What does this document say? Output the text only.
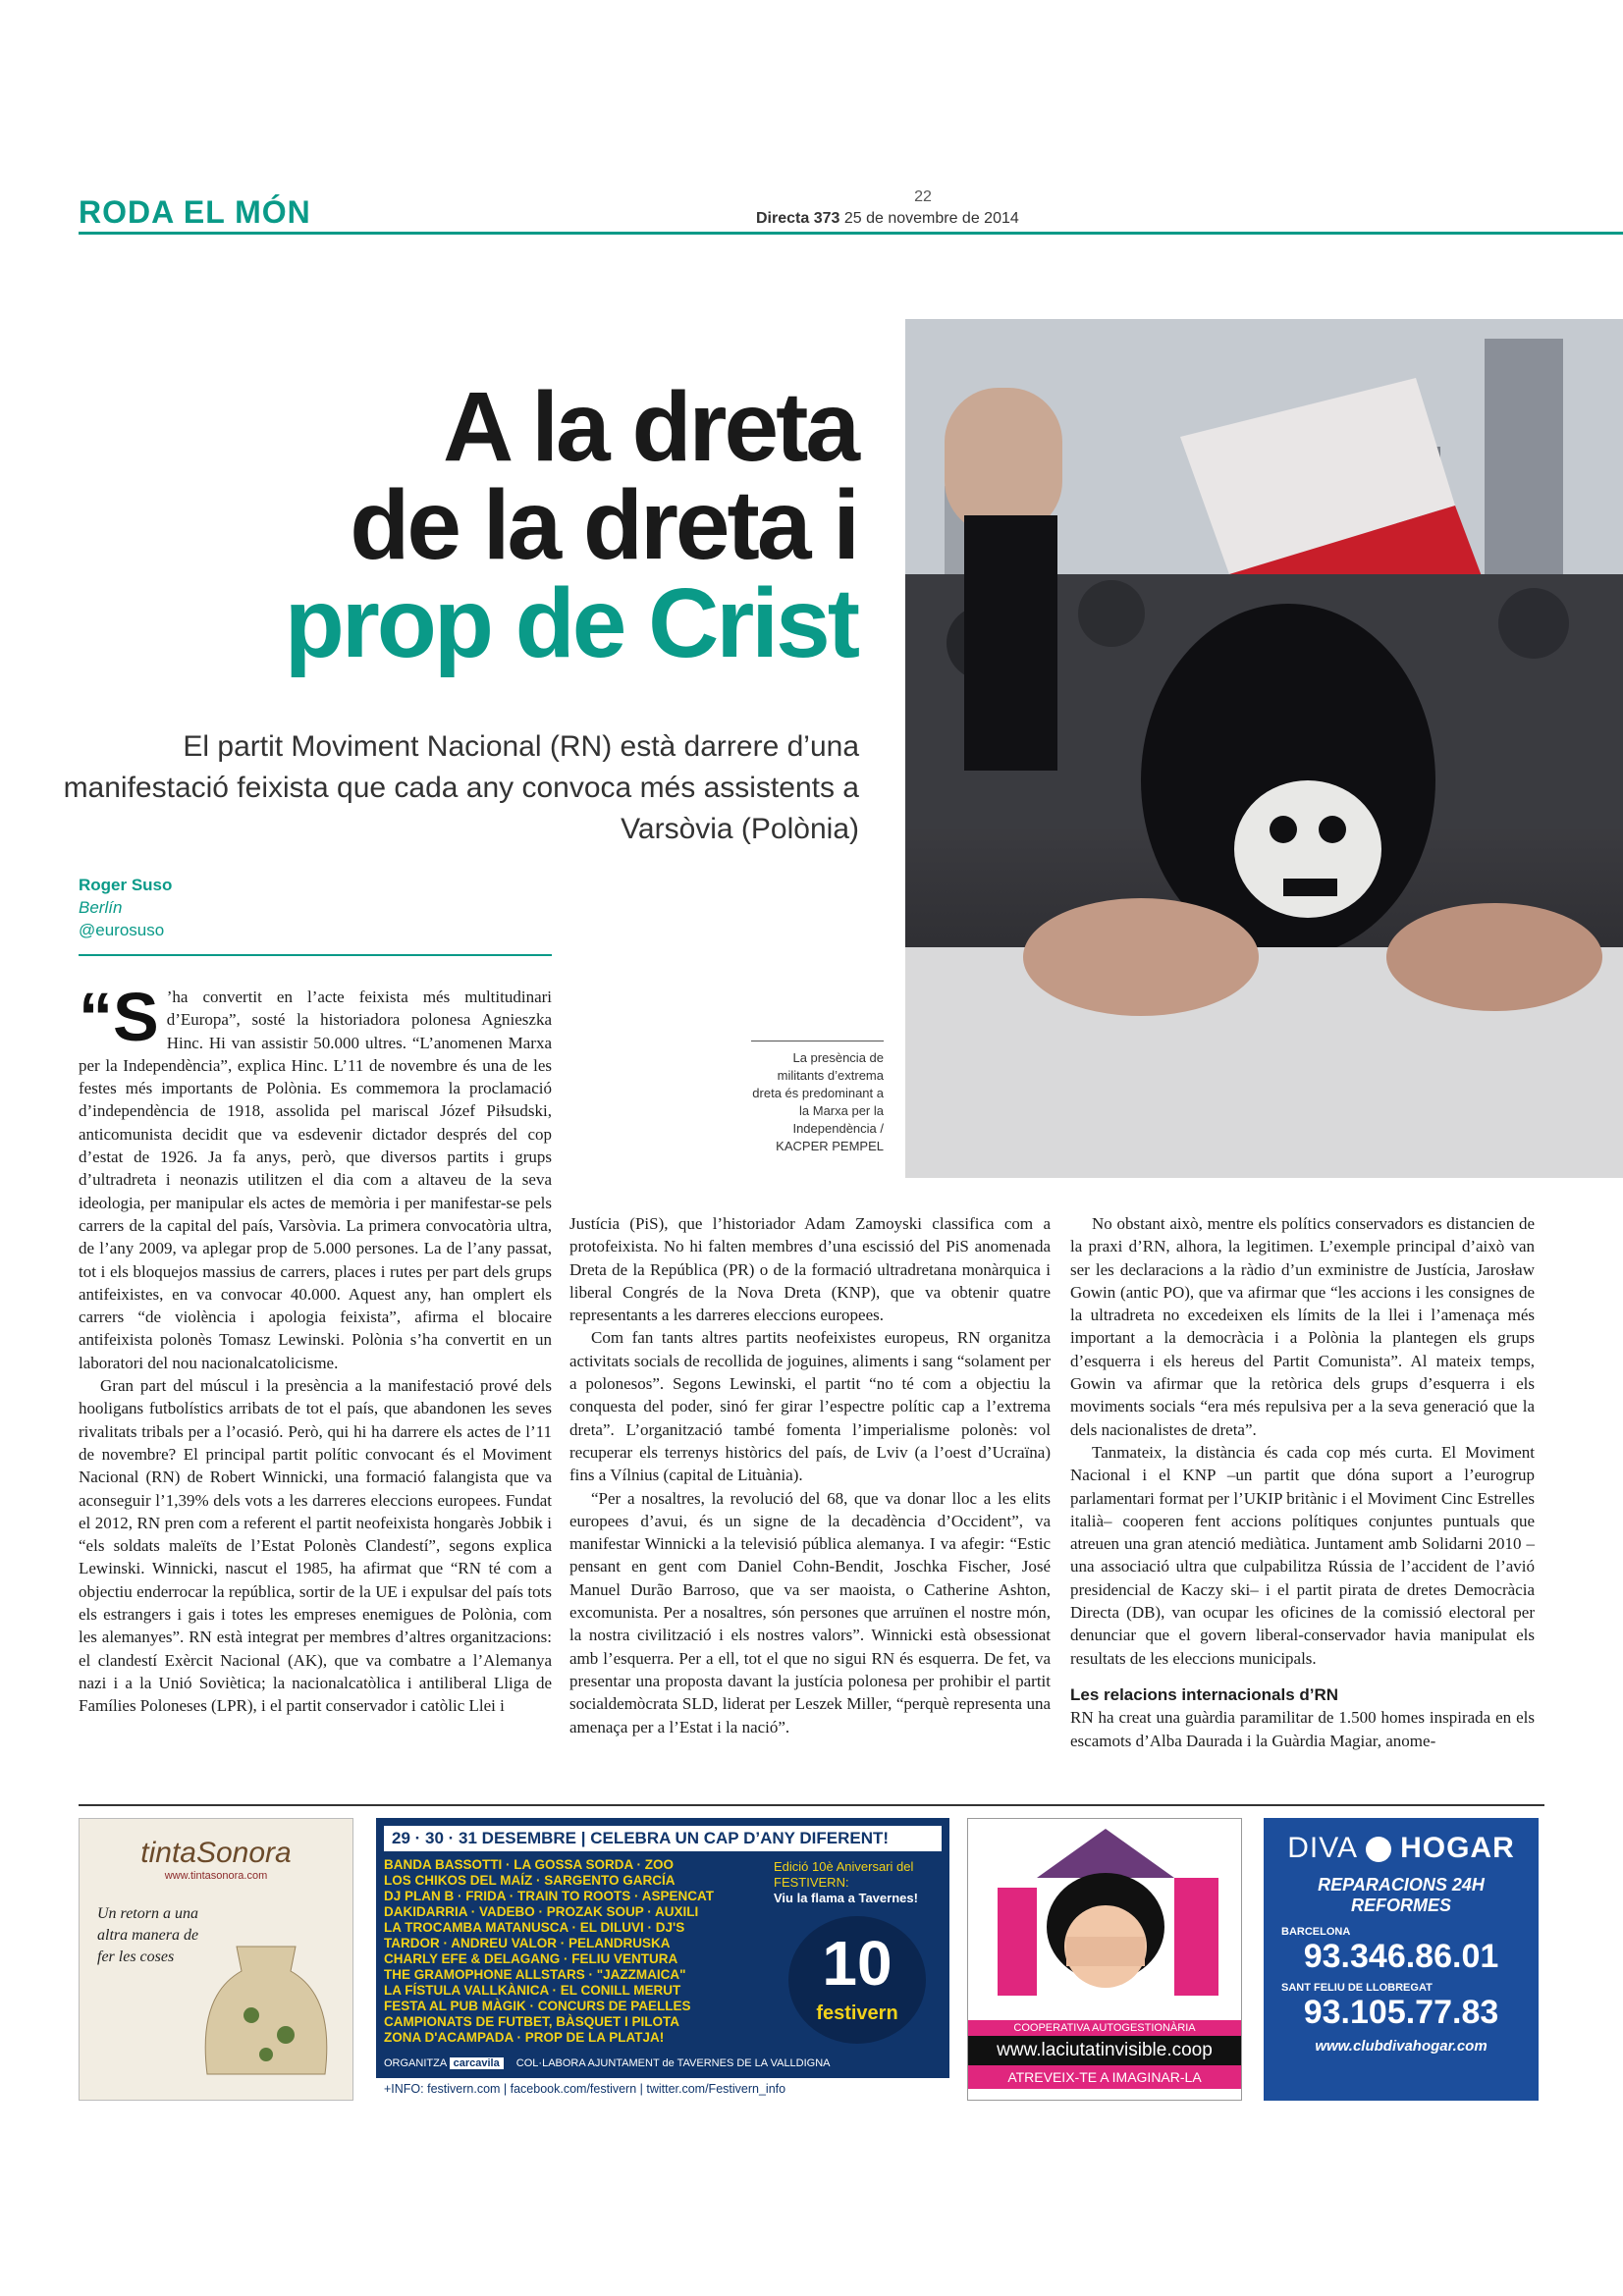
RODA EL MÓN	22
Directa 373 25 de novembre de 2014
A la dreta
de la dreta i
prop de Crist
El partit Moviment Nacional (RN) està darrere d’una manifestació feixista que cada any convoca més assistents a Varsòvia (Polònia)
La presència de militants d’extrema dreta és predominant a la Marxa per la Independència / KACPER PEMPEL
Roger Suso
Berlín
@eurosuso
“S ’ha convertit en l’acte feixista més multitudinari d’Europa”, sosté la historiadora polonesa Agnieszka Hinc. Hi van assistir 50.000 ultres. “L’anomenen Marxa per la Independència”, explica Hinc. L’11 de novembre és una de les festes més importants de Polònia. Es commemora la proclamació d’independència de 1918, assolida pel mariscal Józef Piłsudski, anticomunista decidit que va esdevenir dictador després del cop d’estat de 1926. Ja fa anys, però, que diversos partits i grups d’ultradreta i neonazis utilitzen el dia com a altaveu de la seva ideologia, per manipular els actes de memòria i per manifestar-se pels carrers de la capital del país, Varsòvia. La primera convocatòria ultra, de l’any 2009, va aplegar prop de 5.000 persones. La de l’any passat, tot i els bloquejos massius de carrers, places i rutes per part dels grups antifeixistes, en va convocar 40.000. Aquest any, han omplert els carrers “de violència i apologia feixista”, afirma el blocaire antifeixista polonès Tomasz Lewinski. Polònia s’ha convertit en un laboratori del nou nacionalcatolicisme.

Gran part del múscul i la presència a la manifestació prové dels hooligans futbolístics arribats de tot el país, que abandonen les seves rivalitats tribals per a l’ocasió. Però, qui hi ha darrere els actes de l’11 de novembre? El principal partit polític convocant és el Moviment Nacional (RN) de Robert Winnicki, una formació falangista que va aconseguir l’1,39% dels vots a les darreres eleccions europees. Fundat el 2012, RN pren com a referent el partit neofeixista hongarès Jobbik i “els soldats maleïts de l’Estat Polonès Clandestí”, segons explica Lewinski. Winnicki, nascut el 1985, ha afirmat que “RN té com a objectiu enderrocar la república, sortir de la UE i expulsar del país tots els estrangers i gais i totes les empreses enemigues de Polònia, com les alemanyes”. RN està integrat per membres d’altres organitzacions: el clandestí Exèrcit Nacional (AK), que va combatre a l’Alemanya nazi i a la Unió Soviètica; la nacionalcatòlica i antiliberal Lliga de Famílies Poloneses (LPR), i el partit conservador i catòlic Llei i

Justícia (PiS), que l’historiador Adam Zamoyski classifica com a protofeixista. No hi falten membres d’una escissió del PiS anomenada Dreta de la República (PR) o de la formació ultradretana monàrquica i liberal Congrés de la Nova Dreta (KNP), que va obtenir quatre representants a les darreres eleccions europees.

Com fan tants altres partits neofeixistes europeus, RN organitza activitats socials de recollida de joguines, aliments i sang “solament per a polonesos”. Segons Lewinski, el partit “no té com a objectiu la conquesta del poder, sinó fer girar l’espectre polític cap a l’extrema dreta”. L’organització també fomenta l’imperialisme polonès: vol recuperar els terrenys històrics del país, de Lviv (a l’oest d’Ucraïna) fins a Vílnius (capital de Lituània).

“Per a nosaltres, la revolució del 68, que va donar lloc a les elits europees d’avui, és un signe de la decadència d’Occident”, va manifestar Winnicki a la televisió pública alemanya. I va afegir: “Estic pensant en gent com Daniel Cohn-Bendit, Joschka Fischer, José Manuel Durão Barroso, que va ser maoista, o Catherine Ashton, excomunista. Per a nosaltres, són persones que arruïnen el nostre món, la nostra civilització i els nostres valors”. Winnicki està obsessionat amb l’esquerra. Per a ell, tot el que no sigui RN és esquerra. De fet, va presentar una proposta davant la justícia polonesa per prohibir el partit socialdemòcrata SLD, liderat per Leszek Miller, “perquè representa una amenaça per a l’Estat i la nació”.

No obstant això, mentre els polítics conservadors es distancien de la praxi d’RN, alhora, la legitimen. L’exemple principal d’això van ser les declaracions a la ràdio d’un exministre de Justícia, Jarosław Gowin (antic PO), que va afirmar que “les accions i les consignes de la ultradreta no excedeixen els límits de la llei i l’amenaça més important a la democràcia i a Polònia la plantegen els grups d’esquerra i els hereus del Partit Comunista”. Al mateix temps, Gowin va afirmar que la retòrica dels grups d’esquerra i els moviments socials “era més repulsiva per a la seva generació que la dels nacionalistes de dreta”.

Tanmateix, la distància és cada cop més curta. El Moviment Nacional i el KNP –un partit que dóna suport a l’eurogrup parlamentari format per l’UKIP britànic i el Moviment Cinc Estrelles italià– cooperen fent accions polítiques conjuntes puntuals que atreuen una gran atenció mediàtica. Juntament amb Solidarni 2010 –una associació ultra que culpabilitza Rússia de l’accident de l’avió presidencial de Kaczy ski– i el partit pirata de dretes Democràcia Directa (DB), van ocupar les oficines de la comissió electoral per denunciar que el govern liberal-conservador havia manipulat els resultats de les eleccions municipals.

Les relacions internacionals d’RN

RN ha creat una guàrdia paramilitar de 1.500 homes inspirada en els escamots d’Alba Daurada i la Guàrdia Magiar, anome-

tintaSonora
www.tintasonora.com
Un retorn a una altra manera de fer les coses
29 · 30 · 31 DESEMBRE | CELEBRA UN CAP D’ANY DIFERENT!
BANDA BASSOTTI · LA GOSSA SORDA · ZOO
LOS CHIKOS DEL MAÍZ · SARGENTO GARCÍA
DJ PLAN B · FRIDA · TRAIN TO ROOTS · ASPENCAT
DAKIDARRIA · VADEBO · PROZAK SOUP · AUXILI
LA TROCAMBA MATANUSCA · EL DILUVI · DJ'S
TARDOR · ANDREU VALOR · PELANDRUSKA
CHARLY EFE & DELAGANG · FELIU VENTURA
THE GRAMOPHONE ALLSTARS · "JAZZMAICA"
LA FÍSTULA VALLKÀNICA · EL CONILL MERUT
FESTA AL PUB MÀGIK · CONCURS DE PAELLES
CAMPIONATS DE FUTBET, BÀSQUET I PILOTA
ZONA D'ACAMPADA · PROP DE LA PLATJA!
Edició 10è Aniversari del FESTIVERN:
Viu la flama a Tavernes!
10
festivern
ORGANITZA carcavila COL·LABORA AJUNTAMENT de TAVERNES DE LA VALLDIGNA
+INFO: festivern.com | facebook.com/festivern | twitter.com/Festivern_info
COOPERATIVA AUTOGESTIONÀRIA
www.laciutatinvisible.coop
ATREVEIX-TE A IMAGINAR-LA
DIVA HOGAR
REPARACIONS 24H
REFORMES
BARCELONA
93.346.86.01
SANT FELIU DE LLOBREGAT
93.105.77.83
www.clubdivahogar.com
